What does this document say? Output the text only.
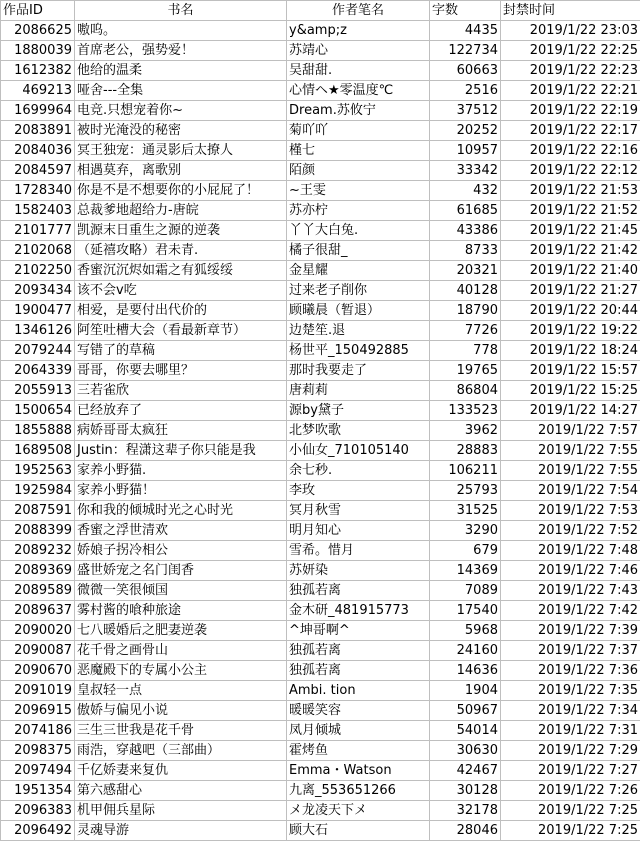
作品ID	书名	作者笔名	字数	封禁时间
2086625	嗷呜。	y&amp;z	4435	2019/1/22 23:03
1880039	首席老公，强势爱！	苏靖心	122734	2019/1/22 22:25
1612382	他给的温柔	吴甜甜.	60663	2019/1/22 22:23
469213	哑舍---全集	心情ヘ★零温度℃	2516	2019/1/22 22:21
1699964	电竞.只想宠着你~	Dream.苏攸宁	37512	2019/1/22 22:19
2083891	被时光淹没的秘密	菊吖吖	20252	2019/1/22 22:17
2084036	冥王独宠：通灵影后太撩人	槿七	10957	2019/1/22 22:16
2084597	相遇莫弃，离歌别	陌颜	33342	2019/1/22 22:12
1728340	你是不是不想要你的小屁屁了！	~王雯	432	2019/1/22 21:53
1582403	总裁爹地超给力-唐皖	苏亦柠	61685	2019/1/22 21:52
2101777	凯源末日重生之源的逆袭	丫丫大白兔.	43386	2019/1/22 21:45
2102068	（延禧攻略）君未青.	橘子很甜_	8733	2019/1/22 21:42
2102250	香蜜沉沉烬如霜之有狐绥绥	金星耀	20321	2019/1/22 21:40
2093434	该不会v吃	过来老子削你	40128	2019/1/22 21:27
1900477	相爱，是要付出代价的	顾曦晨（暂退）	18790	2019/1/22 20:44
1346126	阿笙吐槽大会（看最新章节）	边楚笙.退	7726	2019/1/22 19:22
2079244	写错了的草稿	杨世平_150492885	778	2019/1/22 18:24
2064339	哥哥，你要去哪里？	那时我要走了	19765	2019/1/22 15:57
2055913	三若雀欣	唐莉莉	86804	2019/1/22 15:25
1500654	已经放弃了	源by黛子	133523	2019/1/22 14:27
1855888	病娇哥哥太疯狂	北梦吹歌	3962	2019/1/22 7:57
1689508	Justin：程潇这辈子你只能是我	小仙女_710105140	28883	2019/1/22 7:55
1952563	家养小野猫.	余七秒.	106211	2019/1/22 7:55
1925984	家养小野猫！	李玫	25793	2019/1/22 7:54
2087591	你和我的倾城时光之心时光	冥月秋雪	31525	2019/1/22 7:53
2088399	香蜜之浮世清欢	明月知心	3290	2019/1/22 7:52
2089232	娇娘子拐冷相公	雪希。惜月	679	2019/1/22 7:48
2089369	盛世娇宠之名门闺香	苏妍染	14369	2019/1/22 7:46
2089589	微微一笑很倾国	独孤若离	7089	2019/1/22 7:43
2089637	雾村酱的喰种旅途	金木研_481915773	17540	2019/1/22 7:42
2090020	七八暖婚后之肥妻逆袭	^坤哥啊^	5968	2019/1/22 7:39
2090087	花千骨之画骨山	独孤若离	24160	2019/1/22 7:37
2090670	恶魔殿下的专属小公主	独孤若离	14636	2019/1/22 7:36
2091019	皇叔轻一点	Ambi. tion	1904	2019/1/22 7:35
2096915	傲娇与偏见小说	暖暖笑容	50967	2019/1/22 7:34
2074186	三生三世我是花千骨	凤月倾城	54014	2019/1/22 7:31
2098375	雨浩，穿越吧（三部曲）	霍烤鱼	30630	2019/1/22 7:29
2097494	千亿娇妻来复仇	Emma・Watson	42467	2019/1/22 7:27
1951354	第六感甜心	九离_553651266	30128	2019/1/22 7:26
2096383	机甲佣兵星际	メ龙凌天下メ	32178	2019/1/22 7:25
2096492	灵魂导游	顾大石	28046	2019/1/22 7:25
